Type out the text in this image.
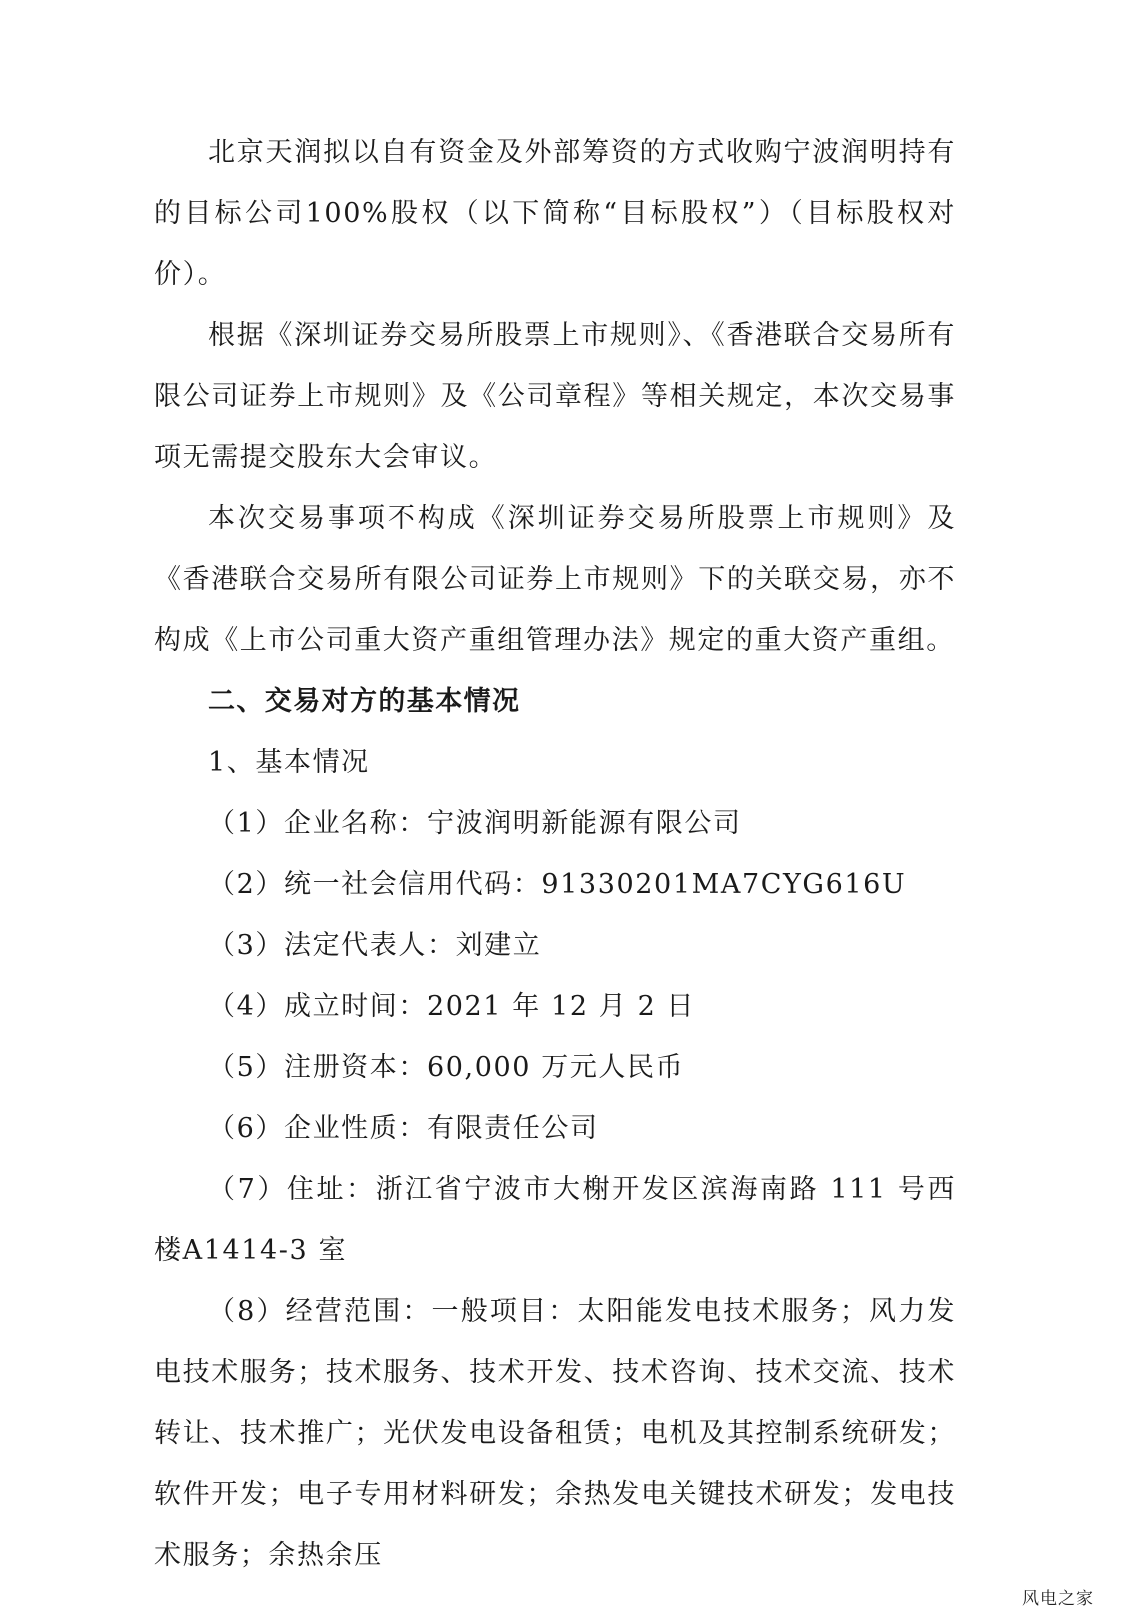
北京天润拟以自有资金及外部筹资的方式收购宁波润明持有的目标公司100%股权（以下简称“目标股权”）（目标股权对价）。

根据《深圳证券交易所股票上市规则》、《香港联合交易所有限公司证券上市规则》及《公司章程》等相关规定，本次交易事项无需提交股东大会审议。

本次交易事项不构成《深圳证券交易所股票上市规则》及《香港联合交易所有限公司证券上市规则》下的关联交易，亦不构成《上市公司重大资产重组管理办法》规定的重大资产重组。

二、交易对方的基本情况

1、基本情况

（1）企业名称：宁波润明新能源有限公司

（2）统一社会信用代码：91330201MA7CYG616U

（3）法定代表人：刘建立

（4）成立时间：2021 年 12 月 2 日

（5）注册资本：60,000 万元人民币

（6）企业性质：有限责任公司

（7）住址：浙江省宁波市大榭开发区滨海南路 111 号西楼A1414-3 室

（8）经营范围：一般项目：太阳能发电技术服务；风力发电技术服务；技术服务、技术开发、技术咨询、技术交流、技术转让、技术推广；光伏发电设备租赁；电机及其控制系统研发；软件开发；电子专用材料研发；余热发电关键技术研发；发电技术服务；余热余压

风电之家
